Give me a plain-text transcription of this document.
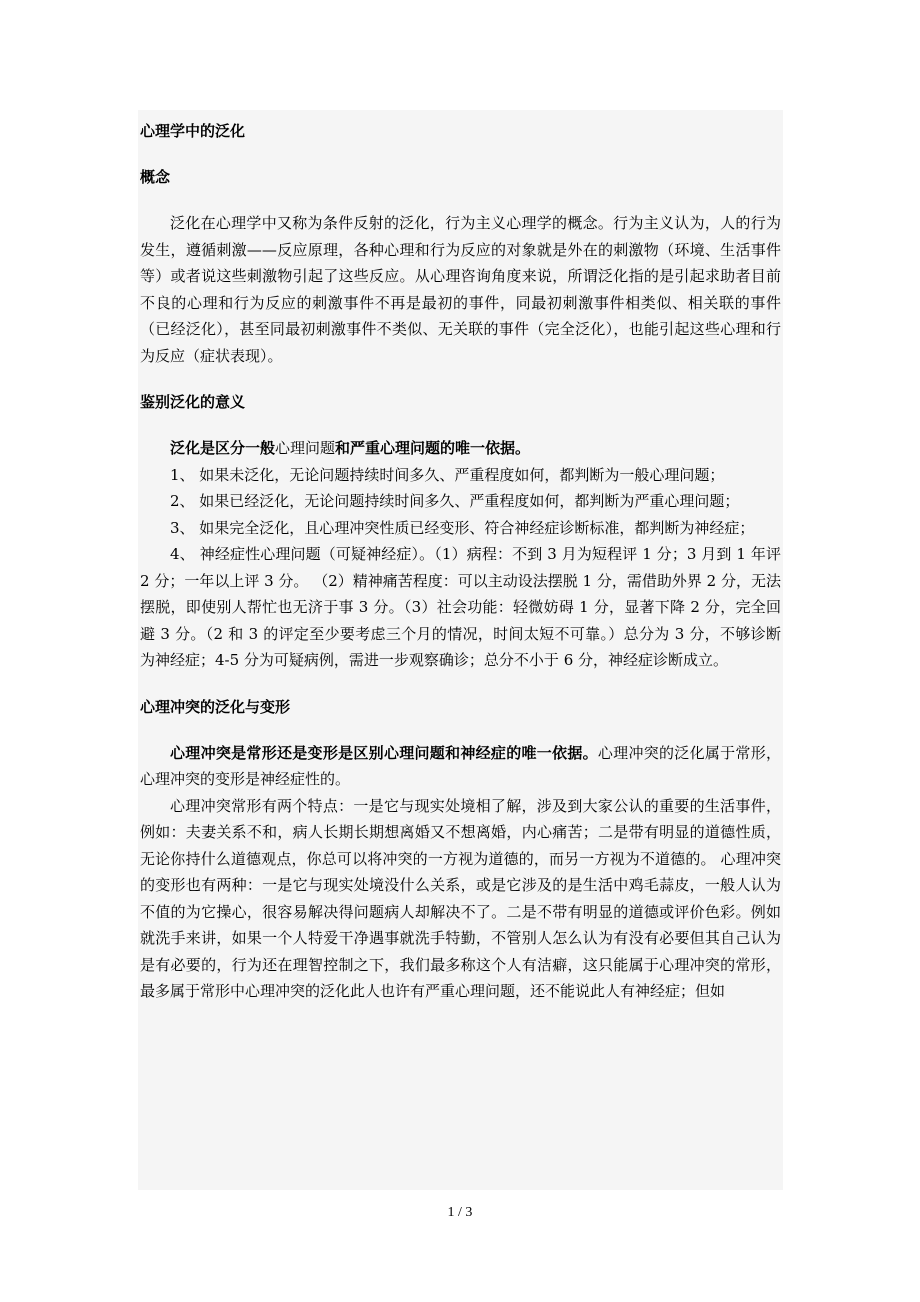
心理学中的泛化
概念

泛化在心理学中又称为条件反射的泛化，行为主义心理学的概念。行为主义认为，人的行为发生，遵循刺激——反应原理，各种心理和行为反应的对象就是外在的刺激物（环境、生活事件等）或者说这些刺激物引起了这些反应。从心理咨询角度来说，所谓泛化指的是引起求助者目前不良的心理和行为反应的刺激事件不再是最初的事件，同最初刺激事件相类似、相关联的事件（已经泛化），甚至同最初刺激事件不类似、无关联的事件（完全泛化），也能引起这些心理和行为反应（症状表现）。

鉴别泛化的意义

泛化是区分一般心理问题和严重心理问题的唯一依据。

1、 如果未泛化，无论问题持续时间多久、严重程度如何，都判断为一般心理问题；

2、 如果已经泛化，无论问题持续时间多久、严重程度如何，都判断为严重心理问题；

3、 如果完全泛化，且心理冲突性质已经变形、符合神经症诊断标准，都判断为神经症；

4、 神经症性心理问题（可疑神经症）。（1）病程：不到 3 月为短程评 1 分；3 月到 1 年评 2 分；一年以上评 3 分。 （2）精神痛苦程度：可以主动设法摆脱 1 分，需借助外界 2 分，无法摆脱，即使别人帮忙也无济于事 3 分。（3）社会功能：轻微妨碍 1 分，显著下降 2 分，完全回避 3 分。（2 和 3 的评定至少要考虑三个月的情况，时间太短不可靠。）总分为 3 分，不够诊断为神经症；4-5 分为可疑病例，需进一步观察确诊；总分不小于 6 分，神经症诊断成立。

心理冲突的泛化与变形

心理冲突是常形还是变形是区别心理问题和神经症的唯一依据。心理冲突的泛化属于常形，心理冲突的变形是神经症性的。

心理冲突常形有两个特点：一是它与现实处境相了解，涉及到大家公认的重要的生活事件，例如：夫妻关系不和，病人长期长期想离婚又不想离婚，内心痛苦；二是带有明显的道德性质，无论你持什么道德观点，你总可以将冲突的一方视为道德的，而另一方视为不道德的。 心理冲突的变形也有两种：一是它与现实处境没什么关系，或是它涉及的是生活中鸡毛蒜皮，一般人认为不值的为它操心，很容易解决得问题病人却解决不了。二是不带有明显的道德或评价色彩。例如就洗手来讲，如果一个人特爱干净遇事就洗手特勤，不管别人怎么认为有没有必要但其自己认为是有必要的，行为还在理智控制之下，我们最多称这个人有洁癖，这只能属于心理冲突的常形，最多属于常形中心理冲突的泛化此人也许有严重心理问题，还不能说此人有神经症；但如

1 / 3
